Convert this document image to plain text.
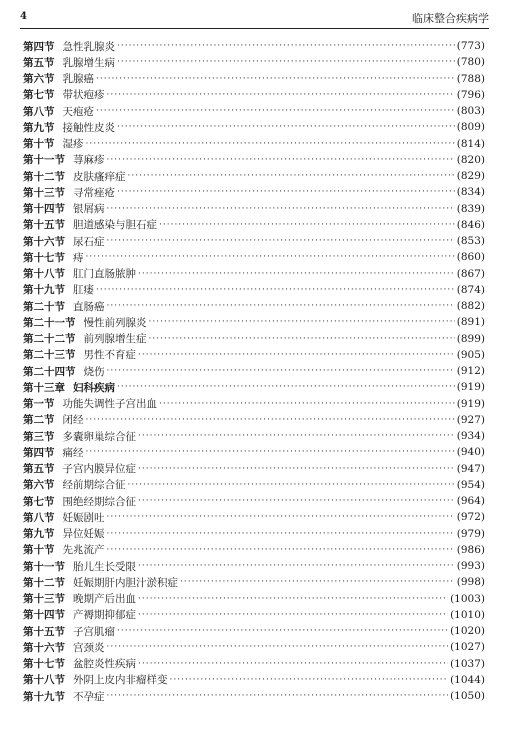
4	临床整合疾病学
第四节 急性乳腺炎 ·····	(773)
第五节 乳腺增生病 ·····	(780)
第六节 乳腺癌 ·····	(788)
第七节 带状疱疹 ·····	(796)
第八节 天疱疮 ·····	(803)
第九节 接触性皮炎 ·····	(809)
第十节 湿疹 ·····	(814)
第十一节 荨麻疹 ·····	(820)
第十二节 皮肤瘙痒症 ·····	(829)
第十三节 寻常痤疮 ·····	(834)
第十四节 银屑病 ·····	(839)
第十五节 胆道感染与胆石症 ·····	(846)
第十六节 尿石症 ·····	(853)
第十七节 痔 ·····	(860)
第十八节 肛门直肠脓肿 ·····	(867)
第十九节 肛瘘 ·····	(874)
第二十节 直肠癌 ·····	(882)
第二十一节 慢性前列腺炎 ·····	(891)
第二十二节 前列腺增生症 ·····	(899)
第二十三节 男性不育症 ·····	(905)
第二十四节 烧伤 ·····	(912)
第十三章 妇科疾病 ·····	(919)
第一节 功能失调性子宫出血 ·····	(919)
第二节 闭经 ·····	(927)
第三节 多囊卵巢综合征 ·····	(934)
第四节 痛经 ·····	(940)
第五节 子宫内膜异位症 ·····	(947)
第六节 经前期综合征 ·····	(954)
第七节 围绝经期综合征 ·····	(964)
第八节 妊娠剧吐 ·····	(972)
第九节 异位妊娠 ·····	(979)
第十节 先兆流产 ·····	(986)
第十一节 胎儿生长受限 ·····	(993)
第十二节 妊娠期肝内胆汁淤积症 ·····	(998)
第十三节 晚期产后出血 ·····	(1003)
第十四节 产褥期抑郁症 ·····	(1010)
第十五节 子宫肌瘤 ·····	(1020)
第十六节 宫颈炎 ·····	(1027)
第十七节 盆腔炎性疾病 ·····	(1037)
第十八节 外阴上皮内非瘤样变 ·····	(1044)
第十九节 不孕症 ·····	(1050)
